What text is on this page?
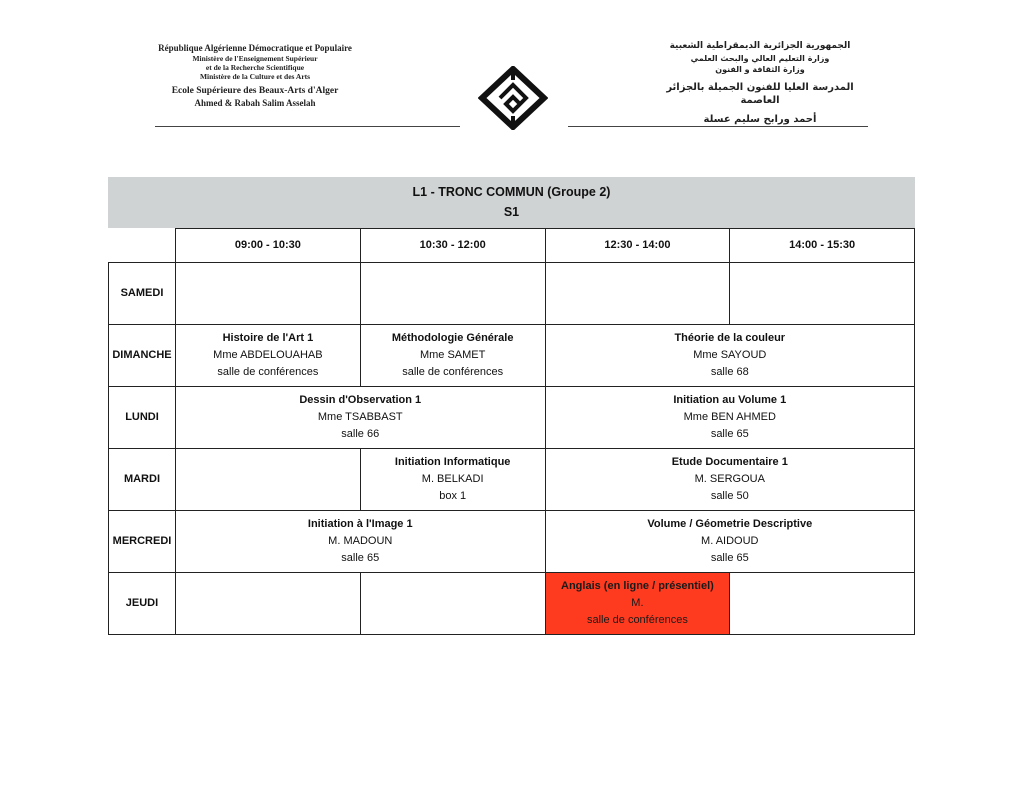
République Algérienne Démocratique et Populaire
Ministère de l'Enseignement Supérieur
et de la Recherche Scientifique
Ministère de la Culture et des Arts
Ecole Supérieure des Beaux-Arts d'Alger
Ahmed & Rabah Salim Asselah
الجمهورية الجزائرية الديمقراطية الشعبية
وزارة التعليم العالي والبحث العلمي
وزارة الثقافة و الفنون
المدرسة العليا للفنون الجميلة بالجزائر العاصمة
أحمد ورابح سليم عسلة
L1 - TRONC COMMUN (Groupe 2)
S1
	09:00 - 10:30	10:30 - 12:00	12:30 - 14:00	14:00 - 15:30
SAMEDI				
DIMANCHE	Histoire de l'Art 1
Mme ABDELOUAHAB
salle de conférences	Méthodologie Générale
Mme SAMET
salle de conférences	Théorie de la couleur
Mme SAYOUD
salle 68	

LUNDI	Dessin d'Observation 1
Mme TSABBAST
salle 66		Initiation au Volume 1
Mme BEN AHMED
salle 65	

MARDI		Initiation Informatique
M. BELKADI
box 1	Etude Documentaire 1
M. SERGOUA
salle 50	

MERCREDI	Initiation à l'Image 1
M. MADOUN
salle 65		Volume / Géometrie Descriptive
M. AIDOUD
salle 65	

JEUDI			Anglais (en ligne / présentiel)
M.
salle de conférences	
